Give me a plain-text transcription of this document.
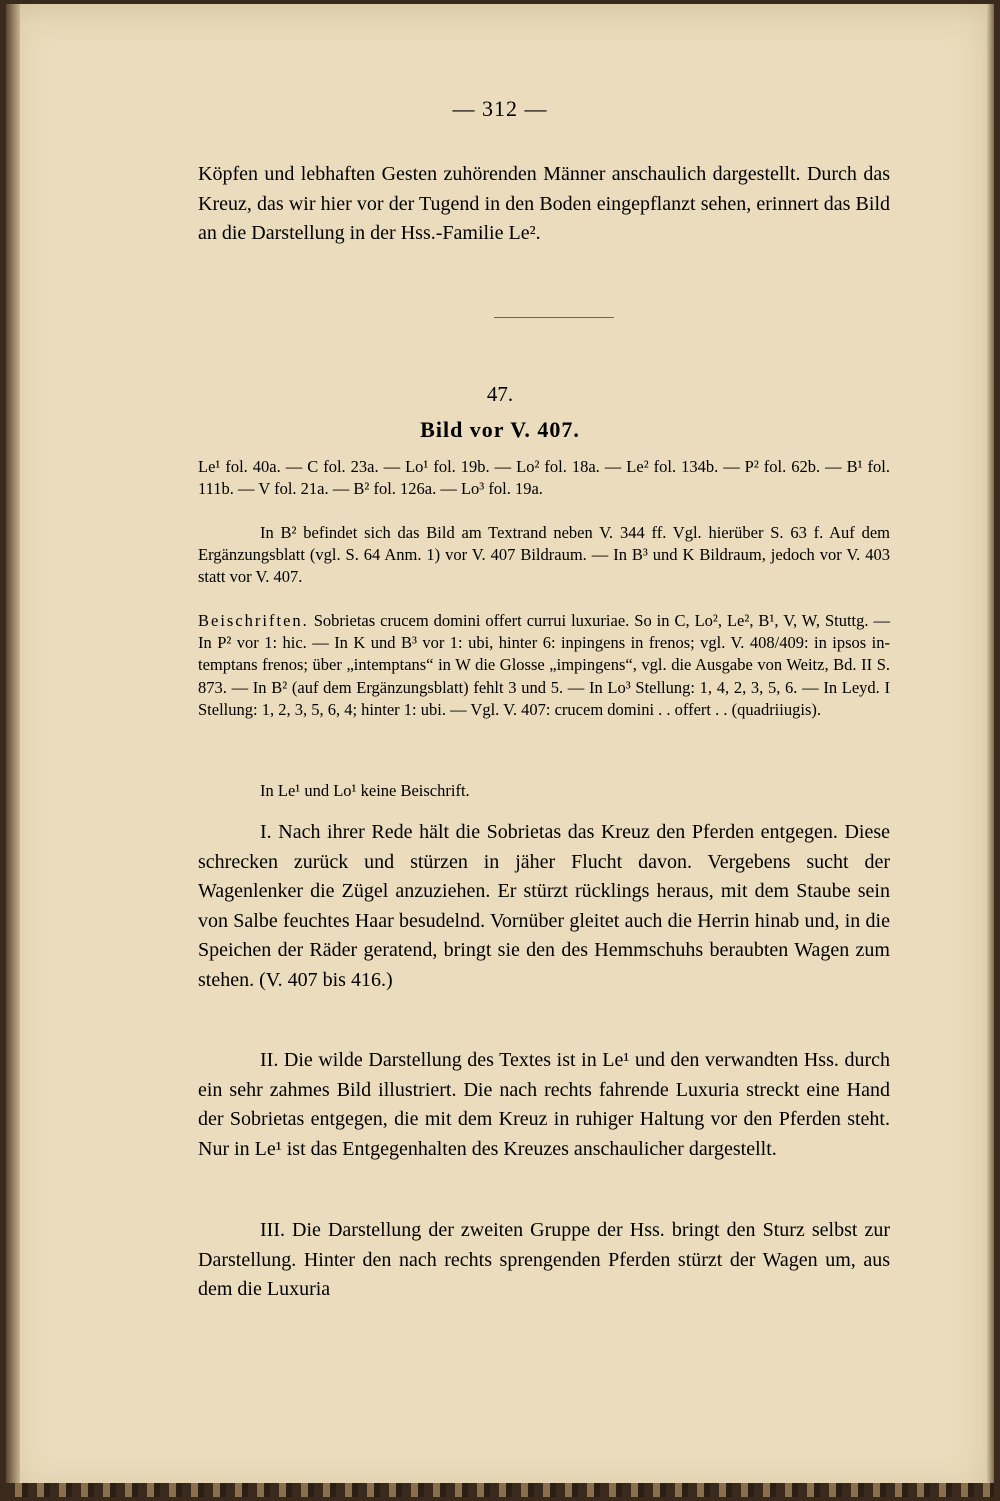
— 312 —
Köpfen und lebhaften Gesten zuhörenden Männer anschaulich dargestellt. Durch das Kreuz, das wir hier vor der Tugend in den Boden eingepflanzt sehen, erinnert das Bild an die Darstellung in der Hss.-Familie Le².
47.
Bild vor V. 407.
Le¹ fol. 40a. — C fol. 23a. — Lo¹ fol. 19b. — Lo² fol. 18a. — Le² fol. 134b. — P² fol. 62b. — B¹ fol. 111b. — V fol. 21a. — B² fol. 126a. — Lo³ fol. 19a.
In B² befindet sich das Bild am Textrand neben V. 344 ff. Vgl. hierüber S. 63 f. Auf dem Ergänzungsblatt (vgl. S. 64 Anm. 1) vor V. 407 Bildraum. — In B³ und K Bildraum, jedoch vor V. 403 statt vor V. 407.
Beischriften. Sobrietas crucem domini offert currui luxuriae. So in C, Lo², Le², B¹, V, W, Stuttg. — In P² vor 1: hic. — In K und B³ vor 1: ubi, hinter 6: inpingens in frenos; vgl. V. 408/409: in ipsos in-temptans frenos; über „intemptans“ in W die Glosse „impingens“, vgl. die Ausgabe von Weitz, Bd. II S. 873. — In B² (auf dem Ergänzungsblatt) fehlt 3 und 5. — In Lo³ Stellung: 1, 4, 2, 3, 5, 6. — In Leyd. I Stellung: 1, 2, 3, 5, 6, 4; hinter 1: ubi. — Vgl. V. 407: crucem domini . . offert . . (quadriiugis).
In Le¹ und Lo¹ keine Beischrift.
I. Nach ihrer Rede hält die Sobrietas das Kreuz den Pferden entgegen. Diese schrecken zurück und stürzen in jäher Flucht davon. Vergebens sucht der Wagenlenker die Zügel anzuziehen. Er stürzt rücklings heraus, mit dem Staube sein von Salbe feuchtes Haar besudelnd. Vornüber gleitet auch die Herrin hinab und, in die Speichen der Räder geratend, bringt sie den des Hemmschuhs beraubten Wagen zum stehen. (V. 407 bis 416.)
II. Die wilde Darstellung des Textes ist in Le¹ und den verwandten Hss. durch ein sehr zahmes Bild illustriert. Die nach rechts fahrende Luxuria streckt eine Hand der Sobrietas entgegen, die mit dem Kreuz in ruhiger Haltung vor den Pferden steht. Nur in Le¹ ist das Entgegenhalten des Kreuzes anschaulicher dargestellt.
III. Die Darstellung der zweiten Gruppe der Hss. bringt den Sturz selbst zur Darstellung. Hinter den nach rechts sprengenden Pferden stürzt der Wagen um, aus dem die Luxuria
